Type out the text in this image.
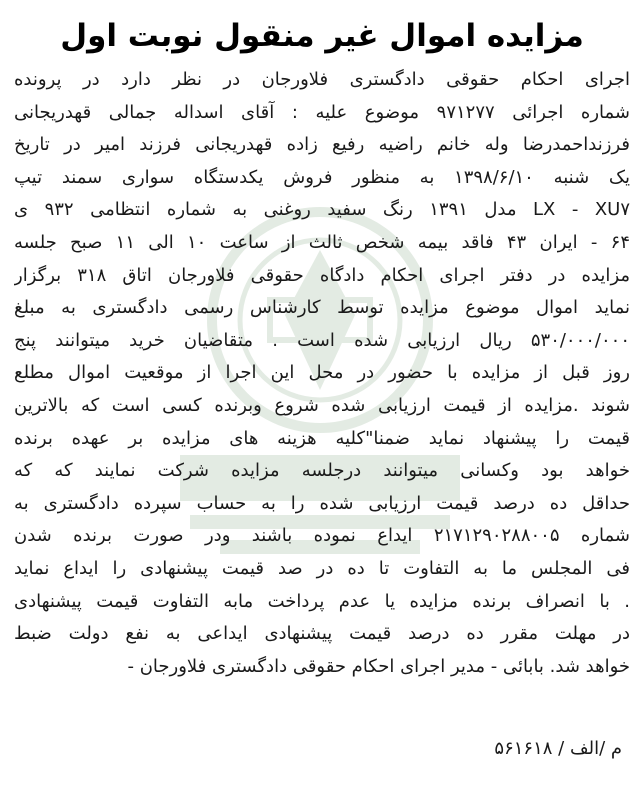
مزایده اموال غیر منقول نوبت اول
اجرای احکام حقوقی دادگستری فلاورجان در نظر دارد در پرونده
شماره اجرائی ۹۷۱۲۷۷ موضوع علیه : آقای اسداله جمالی قهدریجانی
فرزنداحمدرضا وله خانم راضیه رفیع زاده قهدریجانی فرزند امیر در تاریخ
یک شنبه ۱۳۹۸/۶/۱۰ به منظور فروش یکدستگاه سواری سمند تیپ
LX - XU۷ مدل ۱۳۹۱ رنگ سفید روغنی به شماره انتظامی ۹۳۲ ی
۶۴ - ایران ۴۳ فاقد بیمه شخص ثالث از ساعت ۱۰ الی ۱۱ صبح جلسه
مزایده در دفتر اجرای احکام دادگاه حقوقی فلاورجان اتاق ۳۱۸ برگزار
نماید اموال موضوع مزایده توسط کارشناس رسمی دادگستری به مبلغ
۵۳۰/۰۰۰/۰۰۰ ریال ارزیابی شده است . متقاضیان خرید میتوانند پنج
روز قبل از مزایده با حضور در محل این اجرا از موقعیت اموال مطلع
شوند .مزایده از قیمت ارزیابی شده شروع وبرنده کسی است که بالاترین
قیمت را پیشنهاد نماید ضمنا"کلیه هزینه های مزایده بر عهده برنده
خواهد بود وکسانی میتوانند درجلسه مزایده شرکت نمایند که که
حداقل ده درصد قیمت ارزیابی شده را به حساب سپرده دادگستری به
شماره ۲۱۷۱۲۹۰۲۸۸۰۰۵ ایداع نموده باشند ودر صورت برنده شدن
فی المجلس ما به التفاوت تا ده در صد قیمت پیشنهادی را ایداع نماید
. با انصراف برنده مزایده یا عدم پرداخت مابه التفاوت قیمت پیشنهادی
در مهلت مقرر ده درصد قیمت پیشنهادی ایداعی به نفع دولت ضبط
خواهد شد. بابائی - مدیر اجرای احکام حقوقی دادگستری فلاورجان -
م /الف / ۵۶۱۶۱۸
